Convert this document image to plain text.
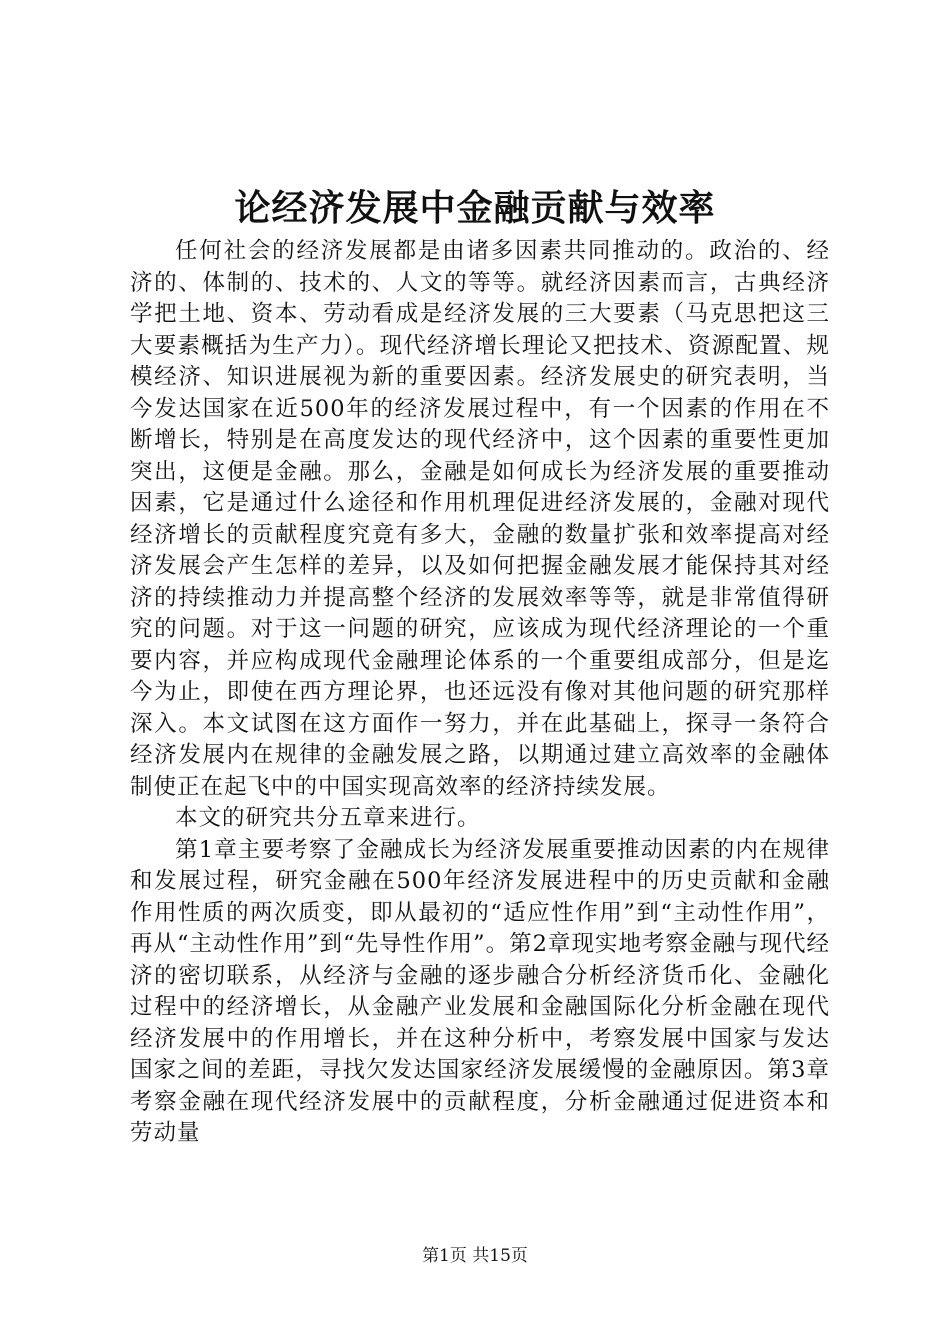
论经济发展中金融贡献与效率

任何社会的经济发展都是由诸多因素共同推动的。政治的、经济的、体制的、技术的、人文的等等。就经济因素而言，古典经济学把土地、资本、劳动看成是经济发展的三大要素（马克思把这三大要素概括为生产力）。现代经济增长理论又把技术、资源配置、规模经济、知识进展视为新的重要因素。经济发展史的研究表明，当今发达国家在近500年的经济发展过程中，有一个因素的作用在不断增长，特别是在高度发达的现代经济中，这个因素的重要性更加突出，这便是金融。那么，金融是如何成长为经济发展的重要推动因素，它是通过什么途径和作用机理促进经济发展的，金融对现代经济增长的贡献程度究竟有多大，金融的数量扩张和效率提高对经济发展会产生怎样的差异，以及如何把握金融发展才能保持其对经济的持续推动力并提高整个经济的发展效率等等，就是非常值得研究的问题。对于这一问题的研究，应该成为现代经济理论的一个重要内容，并应构成现代金融理论体系的一个重要组成部分，但是迄今为止，即使在西方理论界，也还远没有像对其他问题的研究那样深入。本文试图在这方面作一努力，并在此基础上，探寻一条符合经济发展内在规律的金融发展之路，以期通过建立高效率的金融体制使正在起飞中的中国实现高效率的经济持续发展。

本文的研究共分五章来进行。

第1章主要考察了金融成长为经济发展重要推动因素的内在规律和发展过程，研究金融在500年经济发展进程中的历史贡献和金融作用性质的两次质变，即从最初的“适应性作用”到“主动性作用”，再从“主动性作用”到“先导性作用”。第2章现实地考察金融与现代经济的密切联系，从经济与金融的逐步融合分析经济货币化、金融化过程中的经济增长，从金融产业发展和金融国际化分析金融在现代经济发展中的作用增长，并在这种分析中，考察发展中国家与发达国家之间的差距，寻找欠发达国家经济发展缓慢的金融原因。第3章考察金融在现代经济发展中的贡献程度，分析金融通过促进资本和劳动量

第1页 共15页
